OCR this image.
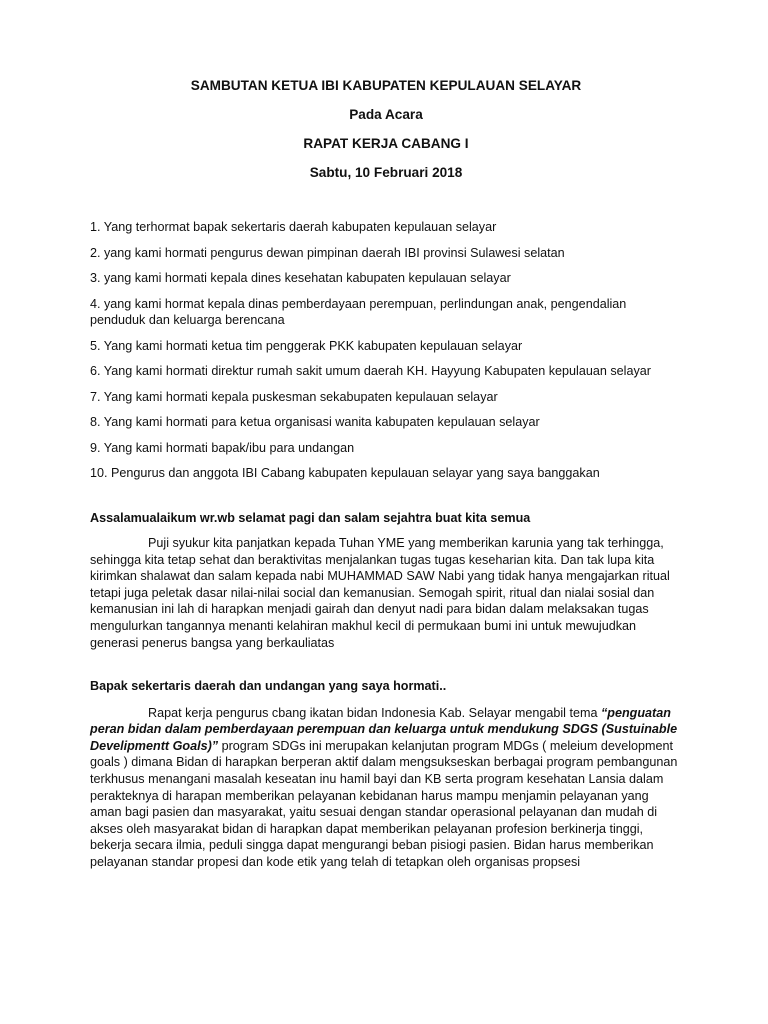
SAMBUTAN KETUA IBI KABUPATEN KEPULAUAN SELAYAR

Pada Acara

RAPAT KERJA CABANG I

Sabtu, 10 Februari 2018

1. Yang terhormat bapak sekertaris daerah kabupaten kepulauan selayar

2. yang kami hormati pengurus dewan pimpinan daerah IBI provinsi Sulawesi selatan

3. yang kami hormati kepala dines kesehatan kabupaten kepulauan selayar

4. yang kami hormat kepala dinas pemberdayaan perempuan, perlindungan anak, pengendalian penduduk dan keluarga berencana

5. Yang kami hormati ketua tim penggerak PKK kabupaten kepulauan selayar

6. Yang kami hormati direktur rumah sakit umum daerah KH. Hayyung Kabupaten kepulauan selayar

7. Yang kami hormati kepala puskesman sekabupaten kepulauan selayar

8. Yang kami hormati para ketua organisasi wanita kabupaten kepulauan selayar

9. Yang kami hormati bapak/ibu para undangan

10. Pengurus dan anggota IBI Cabang kabupaten kepulauan selayar yang saya banggakan

Assalamualaikum wr.wb selamat pagi dan salam sejahtra buat kita semua

Puji syukur kita panjatkan kepada Tuhan YME yang memberikan karunia yang tak terhingga, sehingga kita tetap sehat dan beraktivitas menjalankan tugas tugas keseharian kita. Dan tak lupa kita kirimkan shalawat dan salam kepada nabi MUHAMMAD SAW Nabi yang tidak hanya mengajarkan ritual tetapi juga peletak dasar nilai-nilai social dan kemanusian. Semogah spirit, ritual dan nialai sosial dan kemanusian ini lah di harapkan menjadi gairah dan denyut nadi para bidan dalam melaksakan tugas mengulurkan tangannya menanti kelahiran makhul kecil di permukaan bumi ini untuk mewujudkan generasi penerus bangsa yang berkauliatas

Bapak sekertaris daerah dan undangan yang saya hormati..

Rapat kerja pengurus cbang ikatan bidan Indonesia Kab. Selayar mengabil tema “penguatan peran bidan dalam pemberdayaan perempuan dan keluarga untuk mendukung SDGS (Sustuinable Develipmentt Goals)” program SDGs ini merupakan kelanjutan program MDGs ( meleium development goals ) dimana Bidan di harapkan berperan aktif dalam mengsukseskan berbagai program pembangunan terkhusus menangani masalah keseatan inu hamil bayi dan KB serta program kesehatan Lansia dalam perakteknya di harapan memberikan pelayanan kebidanan harus mampu menjamin pelayanan yang aman bagi pasien dan masyarakat, yaitu sesuai dengan standar operasional pelayanan dan mudah di akses oleh masyarakat bidan di harapkan dapat memberikan pelayanan profesion berkinerja tinggi, bekerja secara ilmia, peduli singga dapat mengurangi beban pisiogi pasien. Bidan harus memberikan pelayanan standar propesi dan kode etik yang telah di tetapkan oleh organisas propsesi
